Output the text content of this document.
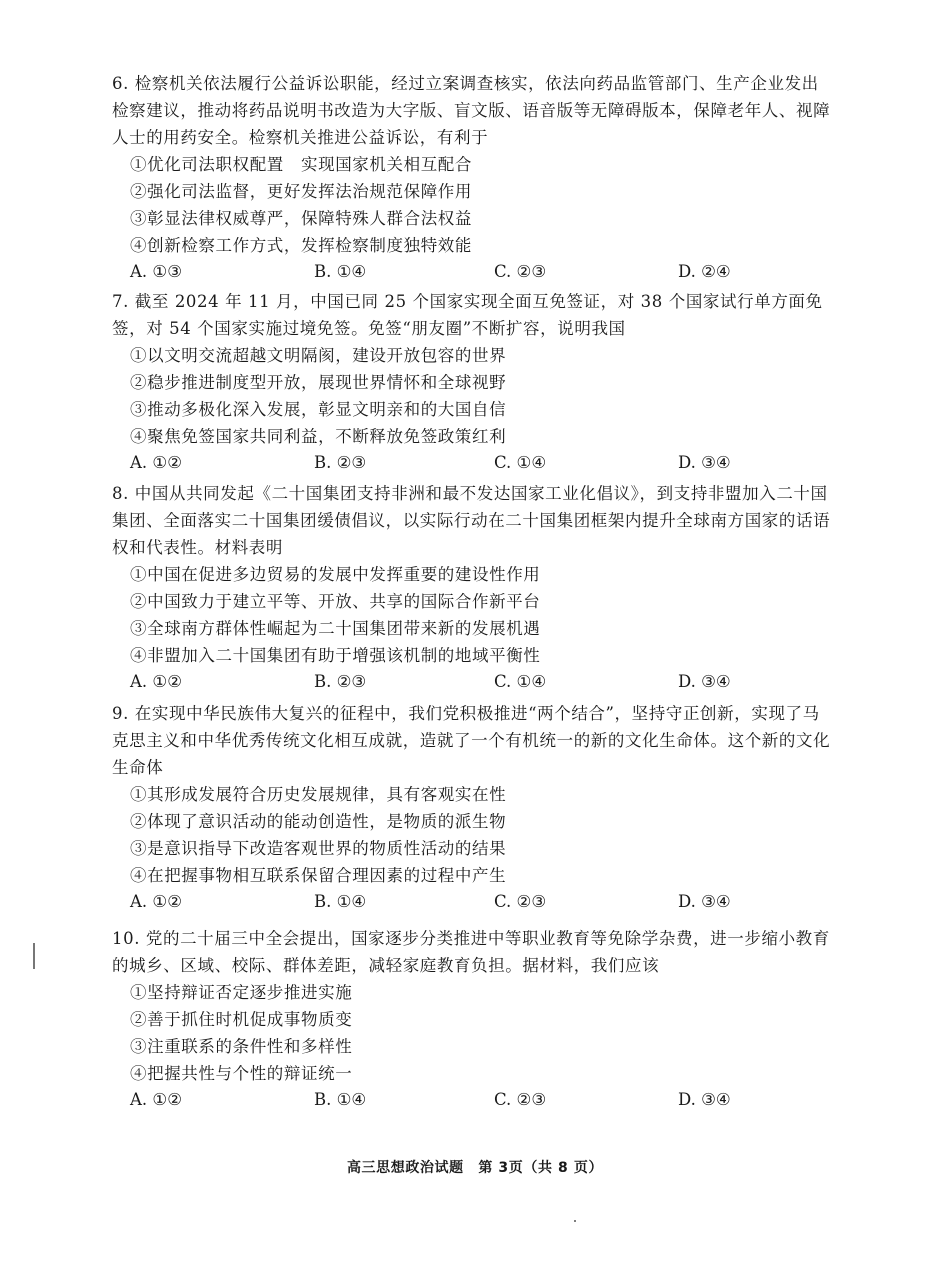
6. 检察机关依法履行公益诉讼职能，经过立案调查核实，依法向药品监管部门、生产企业发出检察建议，推动将药品说明书改造为大字版、盲文版、语音版等无障碍版本，保障老年人、视障人士的用药安全。检察机关推进公益诉讼，有利于

①优化司法职权配置　实现国家机关相互配合
②强化司法监督，更好发挥法治规范保障作用
③彰显法律权威尊严，保障特殊人群合法权益
④创新检察工作方式，发挥检察制度独特效能
A. ①③	B. ①④	C. ②③	D. ②④

7. 截至 2024 年 11 月，中国已同 25 个国家实现全面互免签证，对 38 个国家试行单方面免签，对 54 个国家实施过境免签。免签“朋友圈”不断扩容，说明我国

①以文明交流超越文明隔阂，建设开放包容的世界
②稳步推进制度型开放，展现世界情怀和全球视野
③推动多极化深入发展，彰显文明亲和的大国自信
④聚焦免签国家共同利益，不断释放免签政策红利
A. ①②	B. ②③	C. ①④	D. ③④

8. 中国从共同发起《二十国集团支持非洲和最不发达国家工业化倡议》，到支持非盟加入二十国集团、全面落实二十国集团缓债倡议，以实际行动在二十国集团框架内提升全球南方国家的话语权和代表性。材料表明

①中国在促进多边贸易的发展中发挥重要的建设性作用
②中国致力于建立平等、开放、共享的国际合作新平台
③全球南方群体性崛起为二十国集团带来新的发展机遇
④非盟加入二十国集团有助于增强该机制的地域平衡性
A. ①②	B. ②③	C. ①④	D. ③④

9. 在实现中华民族伟大复兴的征程中，我们党积极推进“两个结合”，坚持守正创新，实现了马克思主义和中华优秀传统文化相互成就，造就了一个有机统一的新的文化生命体。这个新的文化生命体

①其形成发展符合历史发展规律，具有客观实在性
②体现了意识活动的能动创造性，是物质的派生物
③是意识指导下改造客观世界的物质性活动的结果
④在把握事物相互联系保留合理因素的过程中产生
A. ①②	B. ①④	C. ②③	D. ③④

10. 党的二十届三中全会提出，国家逐步分类推进中等职业教育等免除学杂费，进一步缩小教育的城乡、区域、校际、群体差距，减轻家庭教育负担。据材料，我们应该

①坚持辩证否定逐步推进实施
②善于抓住时机促成事物质变
③注重联系的条件性和多样性
④把握共性与个性的辩证统一
A. ①②	B. ①④	C. ②③	D. ③④
高三思想政治试题　第 3页（共 8 页）
